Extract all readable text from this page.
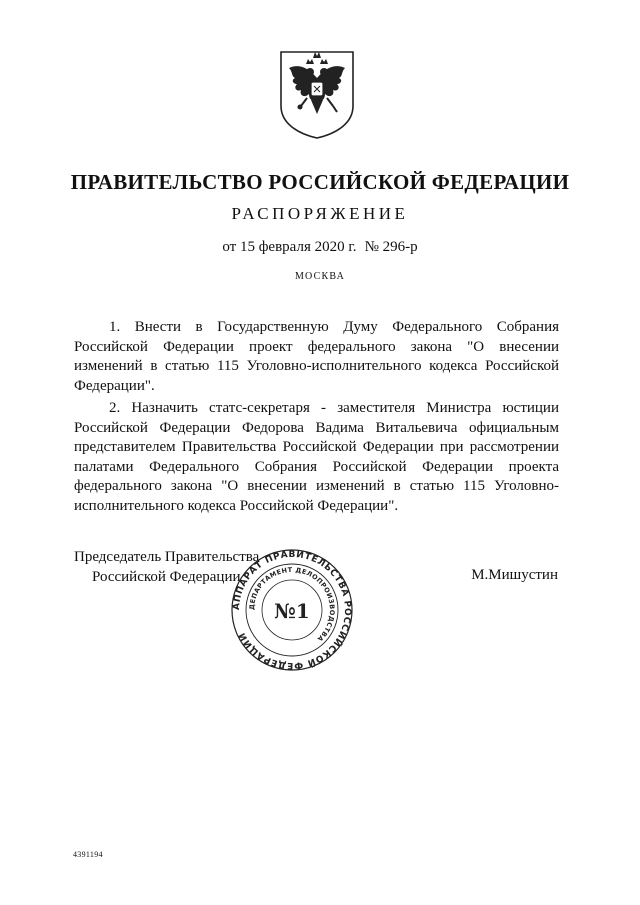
ПРАВИТЕЛЬСТВО РОССИЙСКОЙ ФЕДЕРАЦИИ
РАСПОРЯЖЕНИЕ
от 15 февраля 2020 г. № 296-р
МОСКВА

1. Внести в Государственную Думу Федерального Собрания Российской Федерации проект федерального закона "О внесении изменений в статью 115 Уголовно-исполнительного кодекса Российской Федерации".

2. Назначить статс-секретаря - заместителя Министра юстиции Российской Федерации Федорова Вадима Витальевича официальным представителем Правительства Российской Федерации при рассмотрении палатами Федерального Собрания Российской Федерации проекта федерального закона "О внесении изменений в статью 115 Уголовно-исполнительного кодекса Российской Федерации".

Председатель Правительства
Российской Федерации
АППАРАТ ПРАВИТЕЛЬСТВА РОССИЙСКОЙ ФЕДЕРАЦИИ
ДЕПАРТАМЕНТ ДЕЛОПРОИЗВОДСТВА
№1
М.Мишустин
4391194
